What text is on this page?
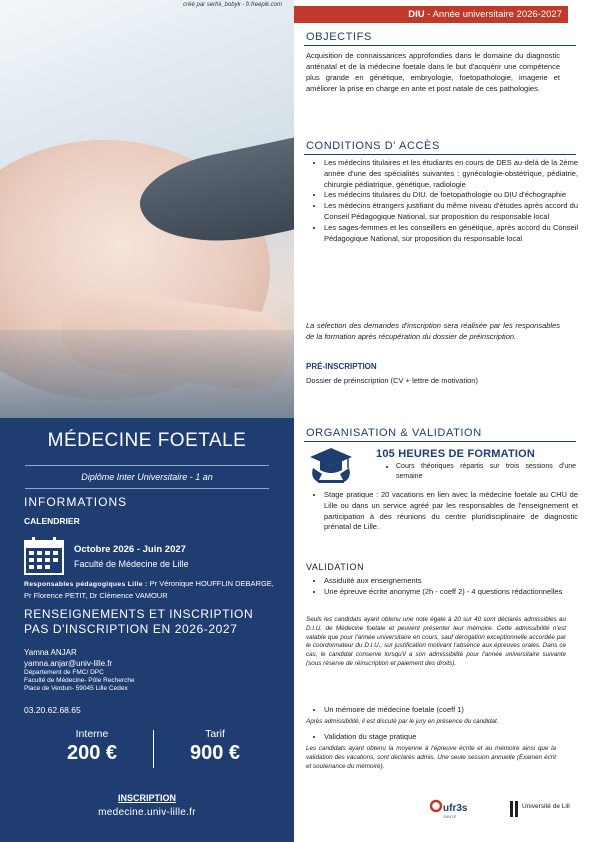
créé par serhii_bobyk - fr.freepik.com
MÉDECINE FOETALE
Diplôme Inter Universitaire - 1 an
INFORMATIONS
CALENDRIER
Octobre 2026 - Juin 2027
Faculté de Médecine de Lille
Responsables pédagogiques Lille : Pr Véronique HOUFFLIN DEBARGE, Pr Florence PETIT, Dr Clémence VAMOUR
RENSEIGNEMENTS ET INSCRIPTION PAS D'INSCRIPTION EN 2026-2027
Yamna ANJAR
yamna.anjar@univ-lille.fr
Département de FMC/ DPC
Faculté de Médecine- Pôle Recherche
Place de Verdun- 59045 Lille Cedex
03.20.62.68.65
Interne
200 €
Tarif
900 €
INSCRIPTION
medecine.univ-lille.fr
DIU - Année universitaire 2026-2027
OBJECTIFS
Acquisition de connaissances approfondies dans le domaine du diagnostic anténatal et de la médecine foetale dans le but d'acquérir une compétence plus grande en génétique, embryologie, foetopathologie, imagerie et améliorer la prise en charge en ante et post natale de ces pathologies.
CONDITIONS D' ACCÈS
• Les médecins titulaires et les étudiants en cours de DES au-delà de la 2ème année d'une des spécialités suivantes : gynécologie-obstétrique, pédiatrie, chirurgie pédiatrique, génétique, radiologie
• Les médecins titulaires du DIU. de foetopathologie ou DIU d'échographie
• Les médecins étrangers justifiant du même niveau d'études après accord du Conseil Pédagogique National, sur proposition du responsable local
• Les sages-femmes et les conseillers en génétique, après accord du Conseil Pédagogique National, sur proposition du responsable local
La sélection des demandes d'inscription sera réalisée par les responsables de la formation après récupération du dossier de préinscription.
PRÉ-INSCRIPTION
Dossier de préinscription (CV + lettre de motivation)
ORGANISATION & VALIDATION
105 HEURES DE FORMATION
• Cours théoriques répartis sur trois sessions d'une semaine
• Stage pratique : 20 vacations en lien avec la médecine foetale au CHU de Lille ou dans un service agréé par les responsables de l'enseignement et participation à des réunions du centre pluridisciplinaire de diagnostic prénatal de Lille.
VALIDATION
• Assiduité aux enseignements
• Une épreuve écrite anonyme (2h - coeff 2) - 4 questions rédactionnelles
Seuls les candidats ayant obtenu une note égale à 20 sur 40 sont déclarés admissibles au D.I.U. de Médecine foetale et peuvent présenter leur mémoire. Cette admissibilité n'est valable que pour l'année universitaire en cours, sauf dérogation exceptionnelle accordée par le coordonnateur du D.I.U., sur justification motivant l'absence aux épreuves orales. Dans ce cas, le candidat conserve lorsqu'il a son admissibilité pour l'année universitaire suivante (sous réserve de réinscription et paiement des droits).
• Un mémoire de médecine foetale (coeff 1)
Après admissibilité, il est discuté par le jury en présence du candidat.
• Validation du stage pratique
Les candidats ayant obtenu la moyenne à l'épreuve écrite et au mémoire ainsi que la validation des vacations, sont déclarés admis. Une seule session annuelle (Examen écrit et soutenance du mémoire).
ufr3s
SANTÉ
Université de Lille
